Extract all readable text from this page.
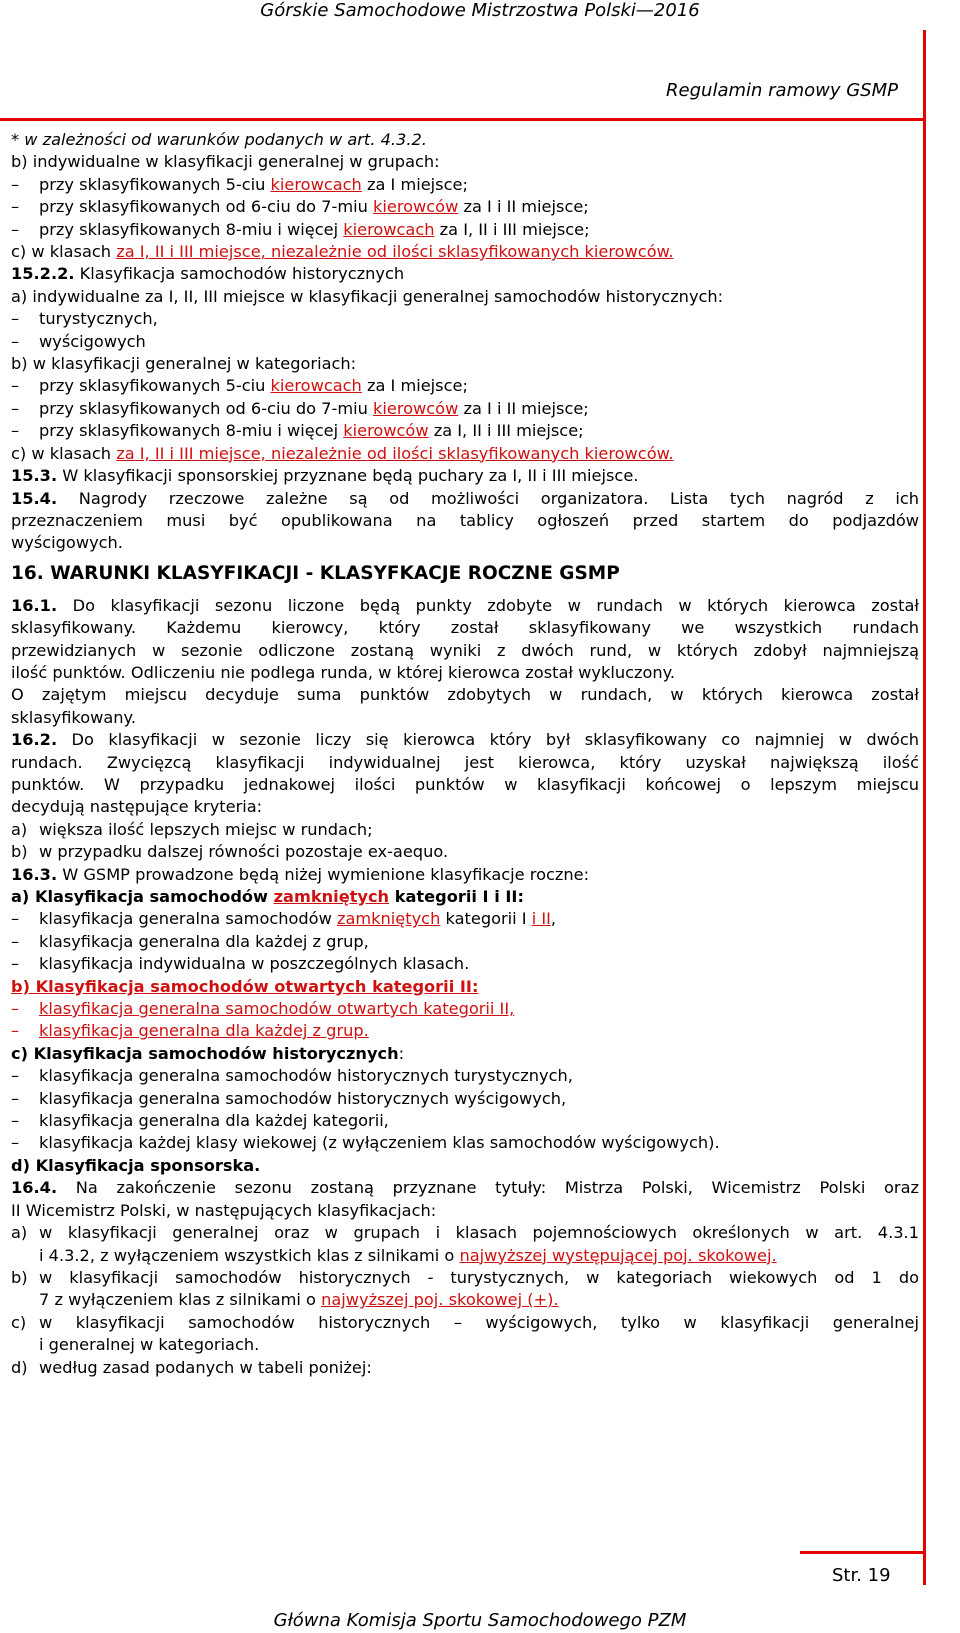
Górskie Samochodowe Mistrzostwa Polski—2016
Regulamin ramowy GSMP
* w zależności od warunków podanych w art. 4.3.2.
b) indywidualne w klasyfikacji generalnej w grupach:
– przy sklasyfikowanych 5-ciu kierowcach za I miejsce;
– przy sklasyfikowanych od 6-ciu do 7-miu kierowców za I i II miejsce;
– przy sklasyfikowanych 8-miu i więcej kierowcach za I, II i III miejsce;
c) w klasach za I, II i III miejsce, niezależnie od ilości sklasyfikowanych kierowców.
15.2.2. Klasyfikacja samochodów historycznych
a) indywidualne za I, II, III miejsce w klasyfikacji generalnej samochodów historycznych:
– turystycznych,
– wyścigowych
b) w klasyfikacji generalnej w kategoriach:
– przy sklasyfikowanych 5-ciu kierowcach za I miejsce;
– przy sklasyfikowanych od 6-ciu do 7-miu kierowców za I i II miejsce;
– przy sklasyfikowanych 8-miu i więcej kierowców za I, II i III miejsce;
c) w klasach za I, II i III miejsce, niezależnie od ilości sklasyfikowanych kierowców.
15.3. W klasyfikacji sponsorskiej przyznane będą puchary za I, II i III miejsce.
15.4. Nagrody rzeczowe zależne są od możliwości organizatora. Lista tych nagród z ich
przeznaczeniem musi być opublikowana na tablicy ogłoszeń przed startem do podjazdów
wyścigowych.
16. WARUNKI KLASYFIKACJI - KLASYFKACJE ROCZNE GSMP
16.1. Do klasyfikacji sezonu liczone będą punkty zdobyte w rundach w których kierowca został
sklasyfikowany. Każdemu kierowcy, który został sklasyfikowany we wszystkich rundach
przewidzianych w sezonie odliczone zostaną wyniki z dwóch rund, w których zdobył najmniejszą
ilość punktów. Odliczeniu nie podlega runda, w której kierowca został wykluczony.
O zajętym miejscu decyduje suma punktów zdobytych w rundach, w których kierowca został
sklasyfikowany.
16.2. Do klasyfikacji w sezonie liczy się kierowca który był sklasyfikowany co najmniej w dwóch
rundach. Zwycięzcą klasyfikacji indywidualnej jest kierowca, który uzyskał największą ilość
punktów. W przypadku jednakowej ilości punktów w klasyfikacji końcowej o lepszym miejscu
decydują następujące kryteria:
a) większa ilość lepszych miejsc w rundach;
b) w przypadku dalszej równości pozostaje ex-aequo.
16.3. W GSMP prowadzone będą niżej wymienione klasyfikacje roczne:
a) Klasyfikacja samochodów zamkniętych kategorii I i II:
– klasyfikacja generalna samochodów zamkniętych kategorii I i II,
– klasyfikacja generalna dla każdej z grup,
– klasyfikacja indywidualna w poszczególnych klasach.
b) Klasyfikacja samochodów otwartych kategorii II:
– klasyfikacja generalna samochodów otwartych kategorii II,
– klasyfikacja generalna dla każdej z grup.
c) Klasyfikacja samochodów historycznych:
– klasyfikacja generalna samochodów historycznych turystycznych,
– klasyfikacja generalna samochodów historycznych wyścigowych,
– klasyfikacja generalna dla każdej kategorii,
– klasyfikacja każdej klasy wiekowej (z wyłączeniem klas samochodów wyścigowych).
d) Klasyfikacja sponsorska.
16.4. Na zakończenie sezonu zostaną przyznane tytuły: Mistrza Polski, Wicemistrz Polski oraz
II Wicemistrz Polski, w następujących klasyfikacjach:
a) w klasyfikacji generalnej oraz w grupach i klasach pojemnościowych określonych w art. 4.3.1
i 4.3.2, z wyłączeniem wszystkich klas z silnikami o najwyższej występującej poj. skokowej.
b) w klasyfikacji samochodów historycznych - turystycznych, w kategoriach wiekowych od 1 do
7 z wyłączeniem klas z silnikami o najwyższej poj. skokowej (+).
c) w klasyfikacji samochodów historycznych – wyścigowych, tylko w klasyfikacji generalnej
i generalnej w kategoriach.
d) według zasad podanych w tabeli poniżej:
Str. 19
Główna Komisja Sportu Samochodowego PZM
